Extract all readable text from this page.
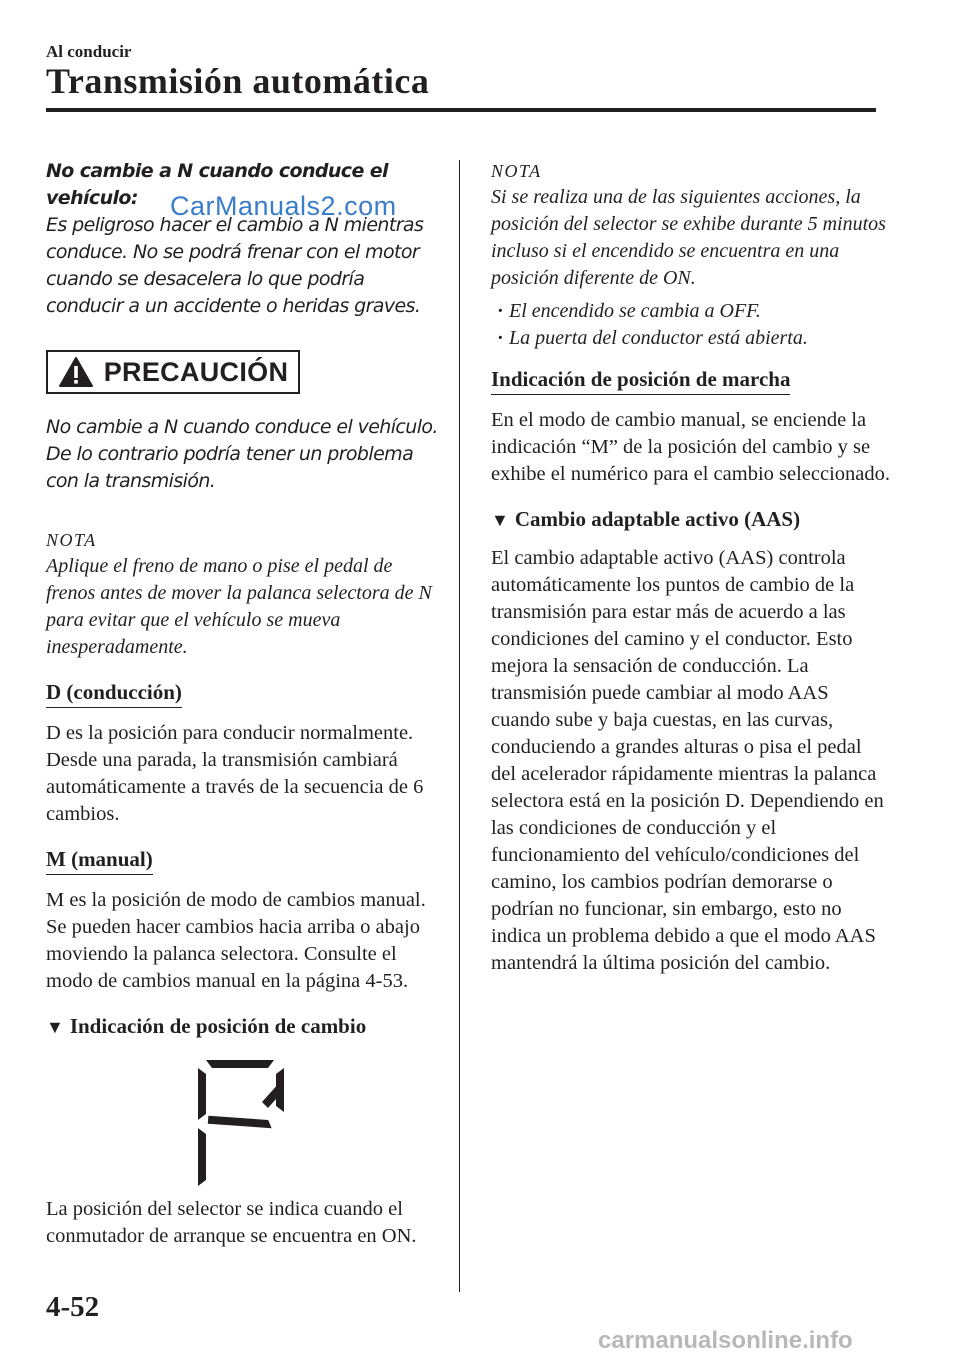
Al conducir
Transmisión automática

No cambie a N cuando conduce el vehículo:
Es peligroso hacer el cambio a N mientras conduce. No se podrá frenar con el motor cuando se desacelera lo que podría conducir a un accidente o heridas graves.

PRECAUCIÓN

No cambie a N cuando conduce el vehículo. De lo contrario podría tener un problema con la transmisión.

NOTA

Aplique el freno de mano o pise el pedal de frenos antes de mover la palanca selectora de N para evitar que el vehículo se mueva inesperadamente.

D (conducción)

D es la posición para conducir normalmente. Desde una parada, la transmisión cambiará automáticamente a través de la secuencia de 6 cambios.

M (manual)

M es la posición de modo de cambios manual. Se pueden hacer cambios hacia arriba o abajo moviendo la palanca selectora. Consulte el modo de cambios manual en la página 4-53.

▼ Indicación de posición de cambio

La posición del selector se indica cuando el conmutador de arranque se encuentra en ON.

NOTA

Si se realiza una de las siguientes acciones, la posición del selector se exhibe durante 5 minutos incluso si el encendido se encuentra en una posición diferente de ON.

· El encendido se cambia a OFF.
· La puerta del conductor está abierta.
Indicación de posición de marcha

En el modo de cambio manual, se enciende la indicación “M” de la posición del cambio y se exhibe el numérico para el cambio seleccionado.

▼ Cambio adaptable activo (AAS)

El cambio adaptable activo (AAS) controla automáticamente los puntos de cambio de la transmisión para estar más de acuerdo a las condiciones del camino y el conductor. Esto mejora la sensación de conducción. La transmisión puede cambiar al modo AAS cuando sube y baja cuestas, en las curvas, conduciendo a grandes alturas o pisa el pedal del acelerador rápidamente mientras la palanca selectora está en la posición D. Dependiendo en las condiciones de conducción y el funcionamiento del vehículo/condiciones del camino, los cambios podrían demorarse o podrían no funcionar, sin embargo, esto no indica un problema debido a que el modo AAS mantendrá la última posición del cambio.

CarManuals2.com
4-52
carmanualsonline.info
